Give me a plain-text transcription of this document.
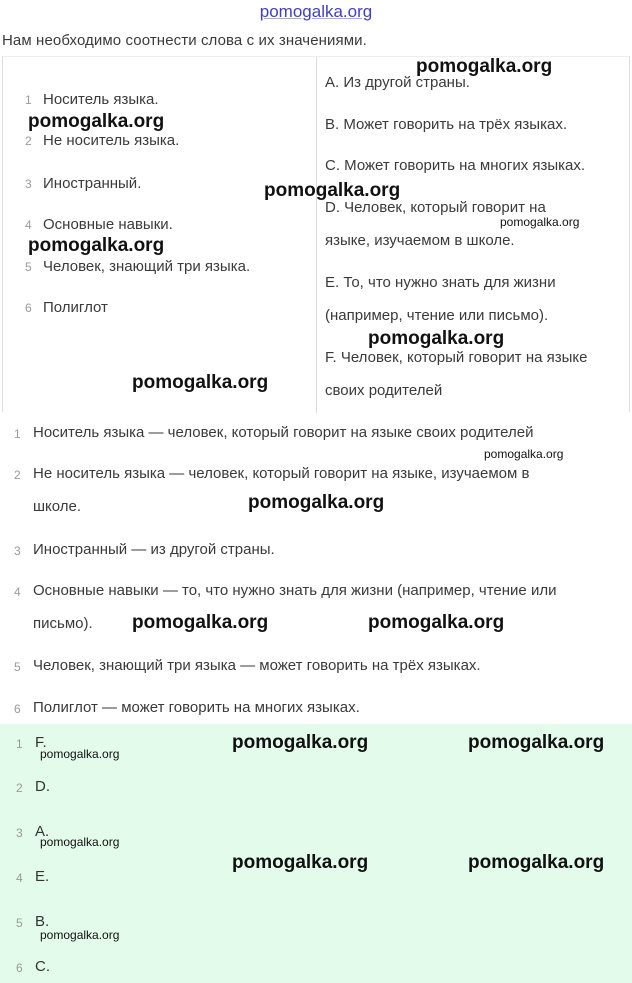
pomogalka.org
Нам необходимо соотнести слова с их значениями.
1 Носитель языка.
2 Не носитель языка.
3 Иностранный.
4 Основные навыки.
5 Человек, знающий три языка.
6 Полиглот
A. Из другой страны.
B. Может говорить на трёх языках.
C. Может говорить на многих языках.
D. Человек, который говорит на
языке, изучаемом в школе.
E. То, что нужно знать для жизни
(например, чтение или письмо).
F. Человек, который говорит на языке
своих родителей
1 Носитель языка — человек, который говорит на языке своих родителей
2 Не носитель языка — человек, который говорит на языке, изучаемом в
школе.
3 Иностранный — из другой страны.
4 Основные навыки — то, что нужно знать для жизни (например, чтение или
письмо).
5 Человек, знающий три языка — может говорить на трёх языках.
6 Полиглот — может говорить на многих языках.
1 F.
2 D.
3 A.
4 E.
5 B.
6 C.
pomogalka.org
pomogalka.org
pomogalka.org
pomogalka.org
pomogalka.org
pomogalka.org
pomogalka.org
pomogalka.org
pomogalka.org
pomogalka.org	pomogalka.org
pomogalka.org	pomogalka.org
pomogalka.org
pomogalka.org
pomogalka.org	pomogalka.org
pomogalka.org
